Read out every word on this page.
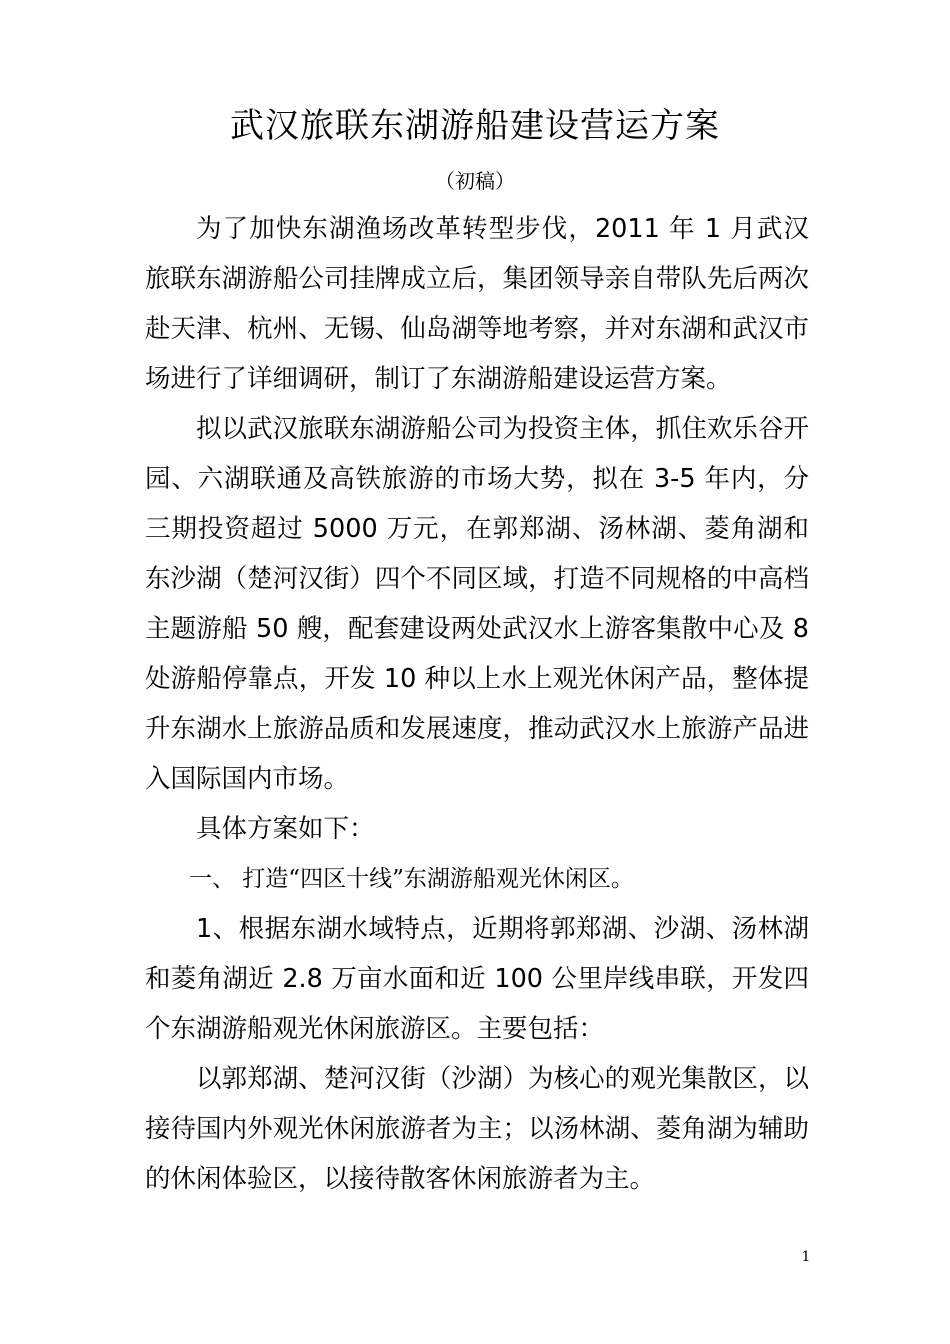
武汉旅联东湖游船建设营运方案
（初稿）

为了加快东湖渔场改革转型步伐，2011 年 1 月武汉旅联东湖游船公司挂牌成立后，集团领导亲自带队先后两次赴天津、杭州、无锡、仙岛湖等地考察，并对东湖和武汉市场进行了详细调研，制订了东湖游船建设运营方案。

拟以武汉旅联东湖游船公司为投资主体，抓住欢乐谷开园、六湖联通及高铁旅游的市场大势，拟在 3-5 年内，分三期投资超过 5000 万元，在郭郑湖、汤林湖、菱角湖和东沙湖（楚河汉街）四个不同区域，打造不同规格的中高档主题游船 50 艘，配套建设两处武汉水上游客集散中心及 8 处游船停靠点，开发 10 种以上水上观光休闲产品，整体提升东湖水上旅游品质和发展速度，推动武汉水上旅游产品进入国际国内市场。

具体方案如下：

一、 打造“四区十线”东湖游船观光休闲区。

1、根据东湖水域特点，近期将郭郑湖、沙湖、汤林湖和菱角湖近 2.8 万亩水面和近 100 公里岸线串联，开发四个东湖游船观光休闲旅游区。主要包括：

以郭郑湖、楚河汉街（沙湖）为核心的观光集散区，以接待国内外观光休闲旅游者为主；以汤林湖、菱角湖为辅助的休闲体验区，以接待散客休闲旅游者为主。

1
